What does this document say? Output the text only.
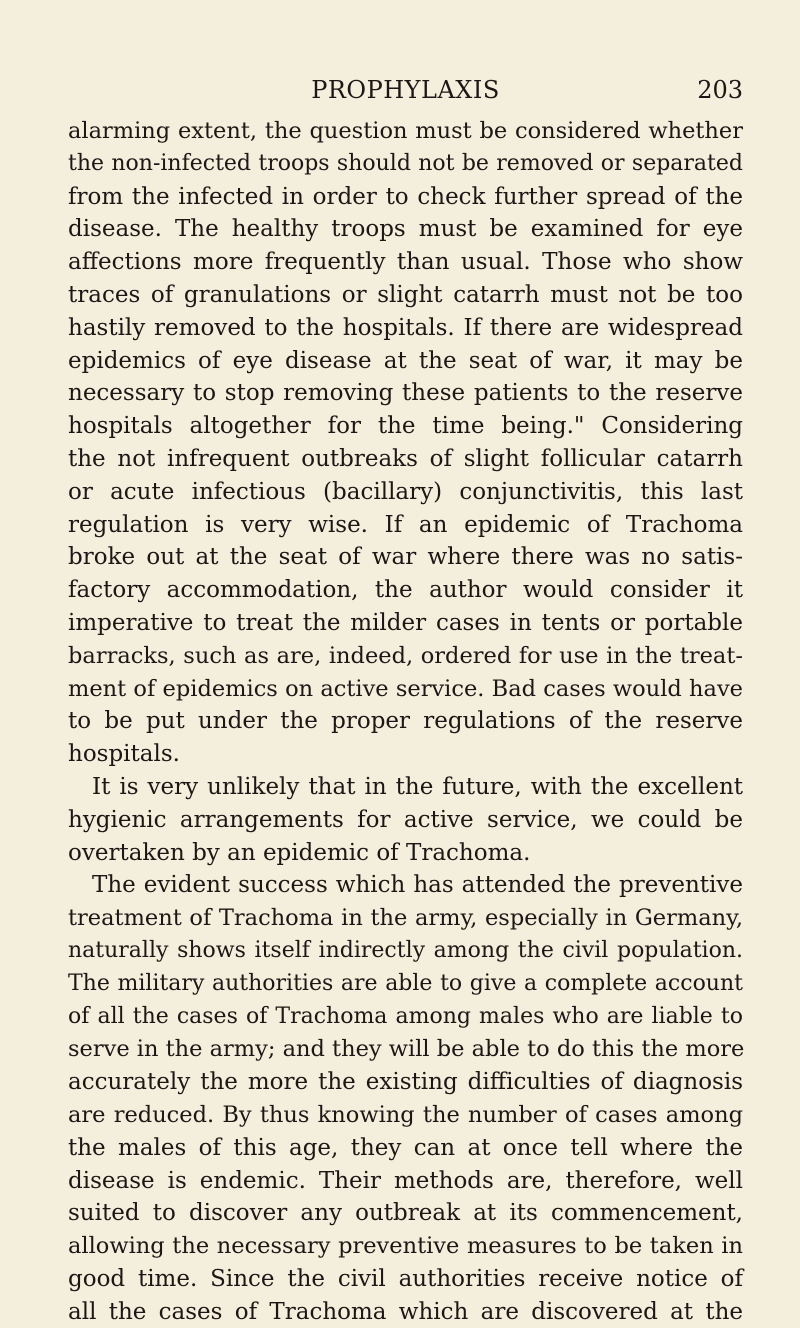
PROPHYLAXIS	203
alarming extent, the question must be considered whether
the non-infected troops should not be removed or separated
from the infected in order to check further spread of the
disease. The healthy troops must be examined for eye
affections more frequently than usual. Those who show
traces of granulations or slight catarrh must not be too
hastily removed to the hospitals. If there are widespread
epidemics of eye disease at the seat of war, it may be
necessary to stop removing these patients to the reserve
hospitals altogether for the time being." Considering
the not infrequent outbreaks of slight follicular catarrh
or acute infectious (bacillary) conjunctivitis, this last
regulation is very wise. If an epidemic of Trachoma
broke out at the seat of war where there was no satis-
factory accommodation, the author would consider it
imperative to treat the milder cases in tents or portable
barracks, such as are, indeed, ordered for use in the treat-
ment of epidemics on active service. Bad cases would have
to be put under the proper regulations of the reserve
hospitals.
It is very unlikely that in the future, with the excellent
hygienic arrangements for active service, we could be
overtaken by an epidemic of Trachoma.
The evident success which has attended the preventive
treatment of Trachoma in the army, especially in Germany,
naturally shows itself indirectly among the civil population.
The military authorities are able to give a complete account
of all the cases of Trachoma among males who are liable to
serve in the army; and they will be able to do this the more
accurately the more the existing difficulties of diagnosis
are reduced. By thus knowing the number of cases among
the males of this age, they can at once tell where the
disease is endemic. Their methods are, therefore, well
suited to discover any outbreak at its commencement,
allowing the necessary preventive measures to be taken in
good time. Since the civil authorities receive notice of
all the cases of Trachoma which are discovered at the
